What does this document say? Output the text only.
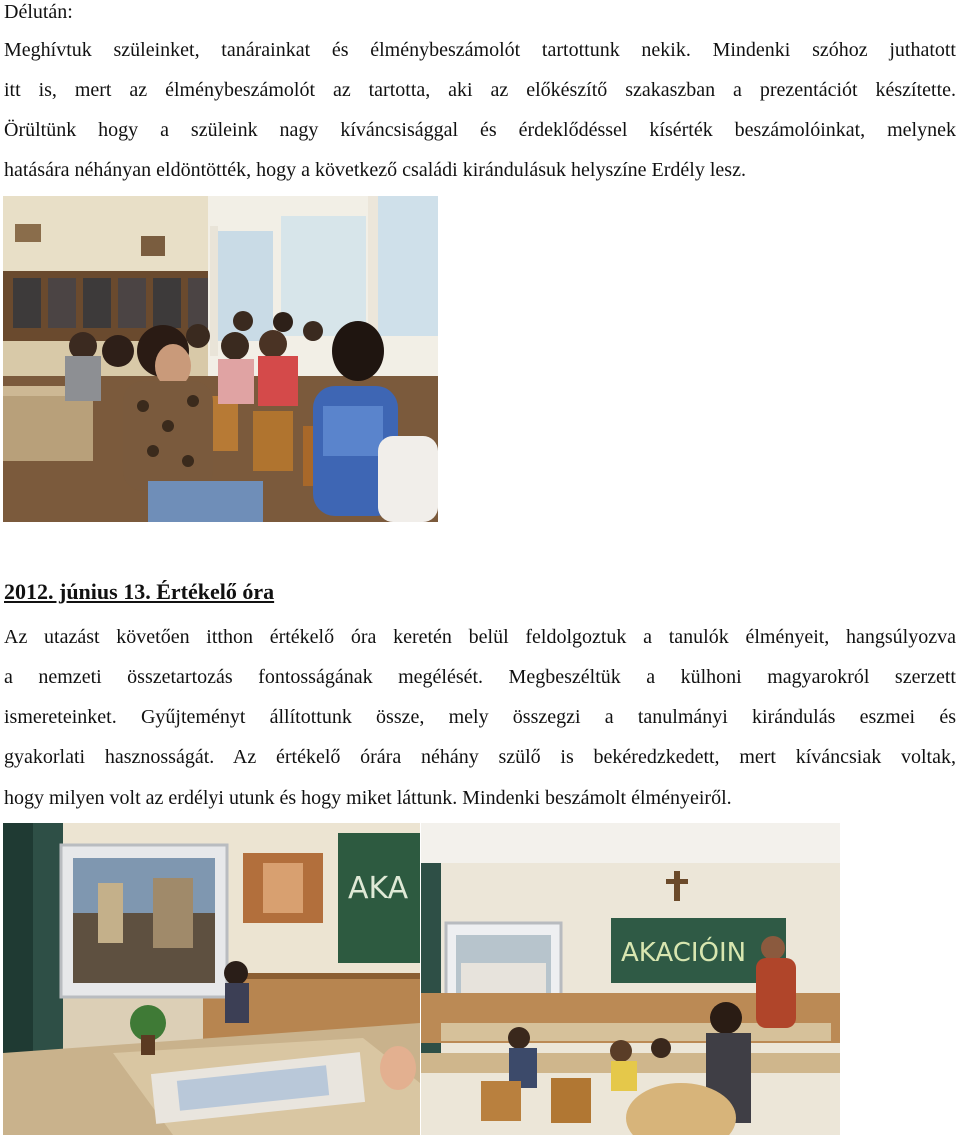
Délután:
Meghívtuk szüleinket, tanárainkat és élménybeszámolót tartottunk nekik. Mindenki szóhoz juthatott
itt is, mert az élménybeszámolót az tartotta, aki az előkészítő szakaszban a prezentációt készítette.
Örültünk hogy a szüleink nagy kíváncsisággal és érdeklődéssel kísérték beszámolóinkat, melynek
hatására néhányan eldöntötték, hogy a következő családi kirándulásuk helyszíne Erdély lesz.
2012. június 13. Értékelő óra
Az utazást követően itthon értékelő óra keretén belül feldolgoztuk a tanulók élményeit, hangsúlyozva
a nemzeti összetartozás fontosságának megélését. Megbeszéltük a külhoni magyarokról szerzett
ismereteinket. Gyűjteményt állítottunk össze, mely összegzi a tanulmányi kirándulás eszmei és
gyakorlati hasznosságát. Az értékelő órára néhány szülő is bekéredzkedett, mert kíváncsiak voltak,
hogy milyen volt az erdélyi utunk és hogy miket láttunk. Mindenki beszámolt élményeiről.
AKA
AKACIÓIN
